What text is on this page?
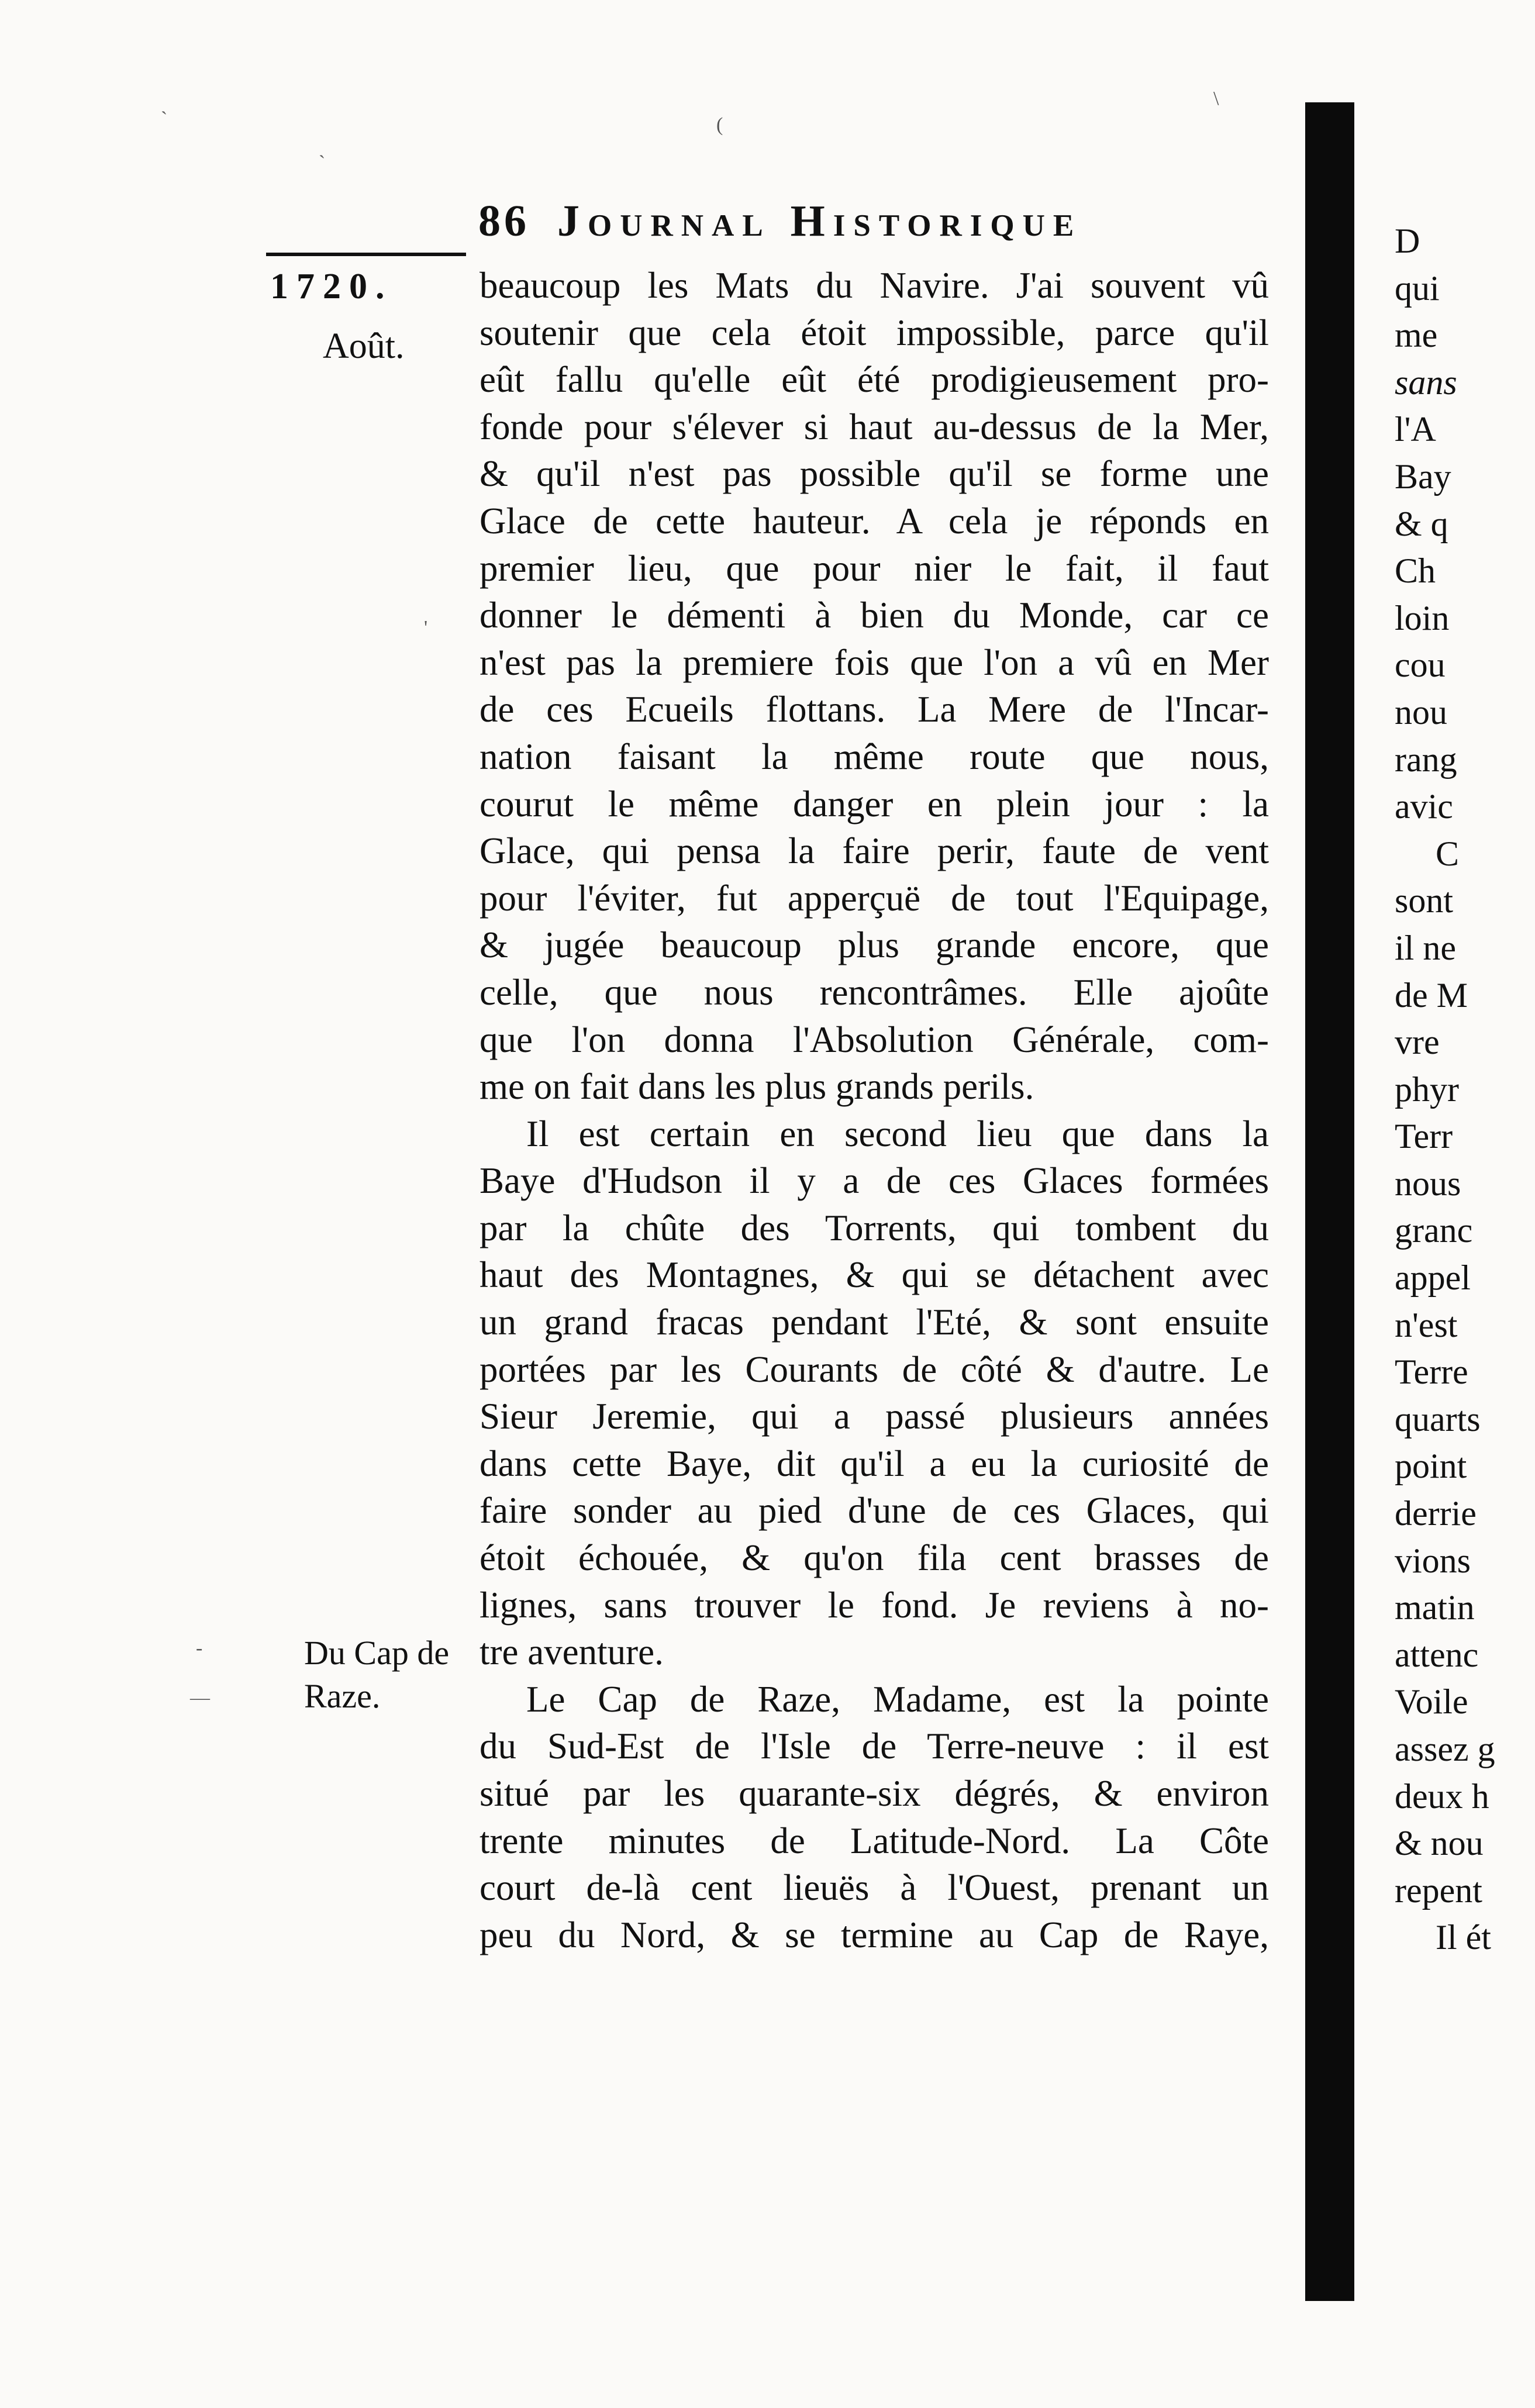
ˋ
ˋ
(
\
-
—
'
86 Journal Historique
1720.
Août.
Du Cap de
Raze.
beaucoup les Mats du Navire. J'ai souvent vû
soutenir que cela étoit impossible, parce qu'il
eût fallu qu'elle eût été prodigieusement pro-
fonde pour s'élever si haut au-dessus de la Mer,
& qu'il n'est pas possible qu'il se forme une
Glace de cette hauteur. A cela je réponds en
premier lieu, que pour nier le fait, il faut
donner le démenti à bien du Monde, car ce
n'est pas la premiere fois que l'on a vû en Mer
de ces Ecueils flottans. La Mere de l'Incar-
nation faisant la même route que nous,
courut le même danger en plein jour : la
Glace, qui pensa la faire perir, faute de vent
pour l'éviter, fut apperçuë de tout l'Equipage,
& jugée beaucoup plus grande encore, que
celle, que nous rencontrâmes. Elle ajoûte
que l'on donna l'Absolution Générale, com-
me on fait dans les plus grands perils.
Il est certain en second lieu que dans la
Baye d'Hudson il y a de ces Glaces formées
par la chûte des Torrents, qui tombent du
haut des Montagnes, & qui se détachent avec
un grand fracas pendant l'Eté, & sont ensuite
portées par les Courants de côté & d'autre. Le
Sieur Jeremie, qui a passé plusieurs années
dans cette Baye, dit qu'il a eu la curiosité de
faire sonder au pied d'une de ces Glaces, qui
étoit échouée, & qu'on fila cent brasses de
lignes, sans trouver le fond. Je reviens à no-
tre aventure.
Le Cap de Raze, Madame, est la pointe
du Sud-Est de l'Isle de Terre-neuve : il est
situé par les quarante-six dégrés, & environ
trente minutes de Latitude-Nord. La Côte
court de-là cent lieuës à l'Ouest, prenant un
peu du Nord, & se termine au Cap de Raye,
D
qui
me
sans
l'A
Bay
& q
Ch
loin
cou
nou
rang
avic
C
sont
il ne
de M
vre
phyr
Terr
nous
granc
appel
n'est
Terre
quarts
point
derrie
vions
matin
attenc
Voile
assez g
deux h
& nou
repent
Il ét
